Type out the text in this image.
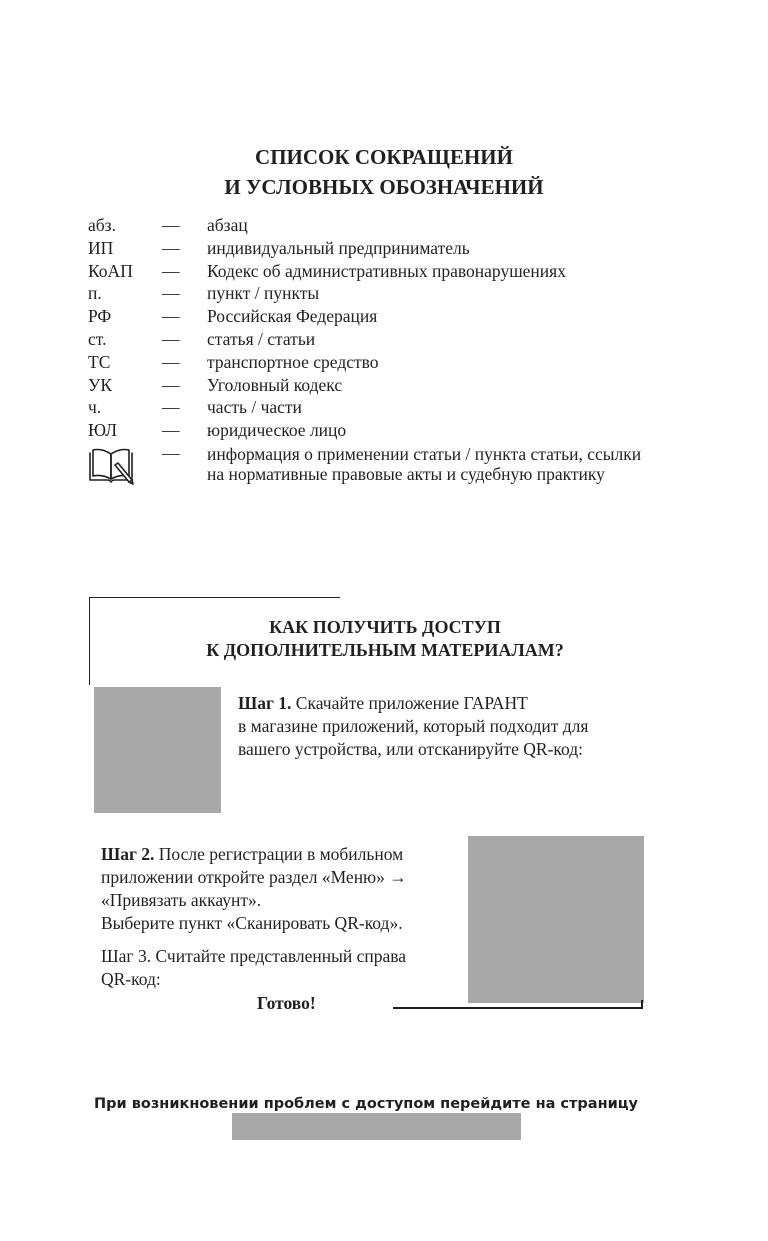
СПИСОК СОКРАЩЕНИЙ
И УСЛОВНЫХ ОБОЗНАЧЕНИЙ
абз.	— абзац
ИП	— индивидуальный предприниматель
КоАП — Кодекс об административных правонарушениях
п.	— пункт / пункты
РФ	— Российская Федерация
ст.	— статья / статьи
ТС	— транспортное средство
УК	— Уголовный кодекс
ч.	— часть / части
ЮЛ	— юридическое лицо
— информация о применении статьи / пункта статьи, ссылки на нормативные правовые акты и судебную практику
КАК ПОЛУЧИТЬ ДОСТУП
К ДОПОЛНИТЕЛЬНЫМ МАТЕРИАЛАМ?
Шаг 1. Скачайте приложение ГАРАНТ
в магазине приложений, который подходит для
вашего устройства, или отсканируйте QR-код:
Шаг 2. После регистрации в мобильном
приложении откройте раздел «Меню» →
«Привязать аккаунт».
Выберите пункт «Сканировать QR-код».
Шаг 3. Считайте представленный справа
QR-код:
Готово!
При возникновении проблем с доступом перейдите на страницу
